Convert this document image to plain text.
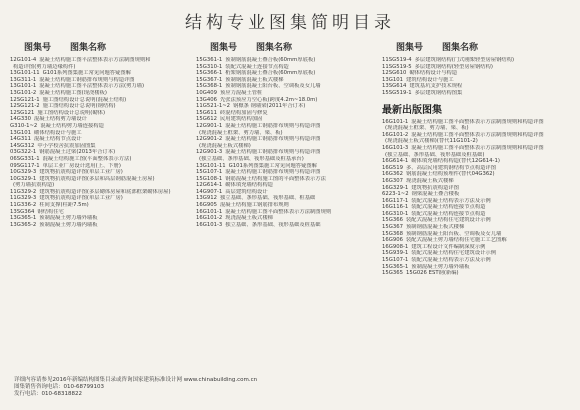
结构专业图集简明目录
图集号	图集名称
12G101-4 混凝土结构施工图平法整体表示方法制图规则和
构造详图(剪力墙边缘构件)
13G101-11 G101系列图集施工常见问题答疑图解
13G311-1 混凝土结构施工钢筋排布规则与构造详图
13G101-1 混凝土结构施工图平法整体表示方法(剪力墙)
13G101-2 混凝土结构施工图(现浇楼板)
12SG121-1 施工图结构设计总说明(混凝土结构)
12SG121-2 施工图结构设计总说明(钢结构)
12SG121 施工图结构设计总说明(砌体)
14G330 混凝土结构剪力墙设计
G310-1~2 混凝土结构剪力墙连接构造
13G101 砌体结构设计与施工
14G311 混凝土结构节点设计
14SG312 中小学校舍抗震加固图集
03G322-1 钢筋混凝土过梁(2013年合订本)
06SG331-1 混凝土结构施工图(平面整体表示方法)
09SG117-1 单层工业厂房设计选用(上、下册)
10G329-3 建筑物抗震构造详图(单层工业厂房)
10G329-1 建筑物抗震构造详图(多层和高层钢筋混凝土房屋)
(剪力墙抗震构造)
11G329-2 建筑物抗震构造详图(多层砌体房屋和底部框架砌体房屋)
11G329-3 建筑物抗震构造详图(单层工业厂房)
11G336-2 柱间支撑(柱距7.5m)
13SG364 钢结构住宅
13G365-1 预制混凝土剪力墙外墙板
13G365-2 预制混凝土剪力墙内墙板
图集号	图集名称
15G361-1 预制钢筋混凝土叠合板(60mm厚底板)
15G310-1 装配式混凝土连接节点构造
15G366-1 桁架钢筋混凝土叠合板(60mm厚底板)
15G367-1 预制钢筋混凝土板式楼梯
15G368-1 预制钢筋混凝土阳台板、空调板及女儿墙
10G409 预应力混凝土管桩
13G406 先张法预应力空心板(跨度4.2m~18.0m)
11G521-1~2 钢檩条 钢墙梁(2011年合订本)
15G611 砖混结构加固与修复
15G612 民用建筑结构加固
12G901-1 混凝土结构施工钢筋排布规则与构造详图
(现浇混凝土框架、剪力墙、梁、板)
12G901-2 混凝土结构施工钢筋排布规则与构造详图
(现浇混凝土板式楼梯)
12G901-3 混凝土结构施工钢筋排布规则与构造详图
(独立基础、条形基础、筏形基础及桩基承台)
13G101-11 G101系列图集施工常见问题答疑图解
15G107-1 混凝土结构施工钢筋排布规则与构造详图
15G108-1 钢筋混凝土结构施工图的平面整体表示方法
12G614-1 砌体填充墙结构构造
14G907-1 高层建筑结构设计
13G912 独立基础、条形基础、筏形基础、桩基础
16G905 混凝土结构施工钢筋排布规则
16G101-1 混凝土结构施工图平面整体表示方法制图规则
16G101-2 现浇混凝土板式楼梯
16G101-3 独立基础、条形基础、筏形基础及桩基础
图集号	图集名称
11SG519-4 多层建筑钢结构(门式刚架轻型房屋钢结构)
11SG519-5 多层建筑钢结构(轻型房屋钢结构)
12SG610 砌体结构设计与构造
13G101 建筑结构设计与施工
13SG614 建筑基坑支护技术规程
15SG519-1 多层建筑钢结构图集
最新出版图集
16G101-1 混凝土结构施工图平面整体表示方法制图规则和构造详图
(现浇混凝土框架、剪力墙、梁、板)
16G101-2 混凝土结构施工图平面整体表示方法制图规则和构造详图
(现浇混凝土板式楼梯)(替代11G101-2)
16G101-3 混凝土结构施工图平面整体表示方法制图规则和构造详图
(独立基础、条形基础、筏形基础及桩基础)
16G614-1 砌体填充墙结构构造(替代12G614-1)
16G519 多、高层民用建筑钢结构节点构造详图
16G362 钢筋混凝土结构预埋件(替代04G362)
16G307 现浇混凝土板式楼梯
16G329-1 建筑物抗震构造详图
6223-1~2 钢梁混凝土叠合楼板
16G117-1 装配式混凝土结构表示方法及示例
16G116-1 装配式混凝土结构连接节点构造
16G310-1 装配式混凝土结构连接节点构造
15G366 装配式混凝土结构住宅建筑设计示例
15G367 预制钢筋混凝土板式楼梯
15G368 预制钢筋混凝土阳台板、空调板及女儿墙
16G906 装配式混凝土剪力墙结构住宅施工工艺图解
16G908-1 建筑工程设计文件编制深度示例
15G939-1 装配式混凝土结构住宅建筑设计示例
15G107-1 装配式混凝土结构表示方法及示例
15G365-1 预制混凝土剪力墙外墙板
15G365 15G026 EST钢(新编)
详细内容请参见2016年新编结构图集目录或咨询国家建筑标准设计网 www.chinabuilding.com.cn
图集销售咨询电话：010-68799103
发行电话：010-68318822
